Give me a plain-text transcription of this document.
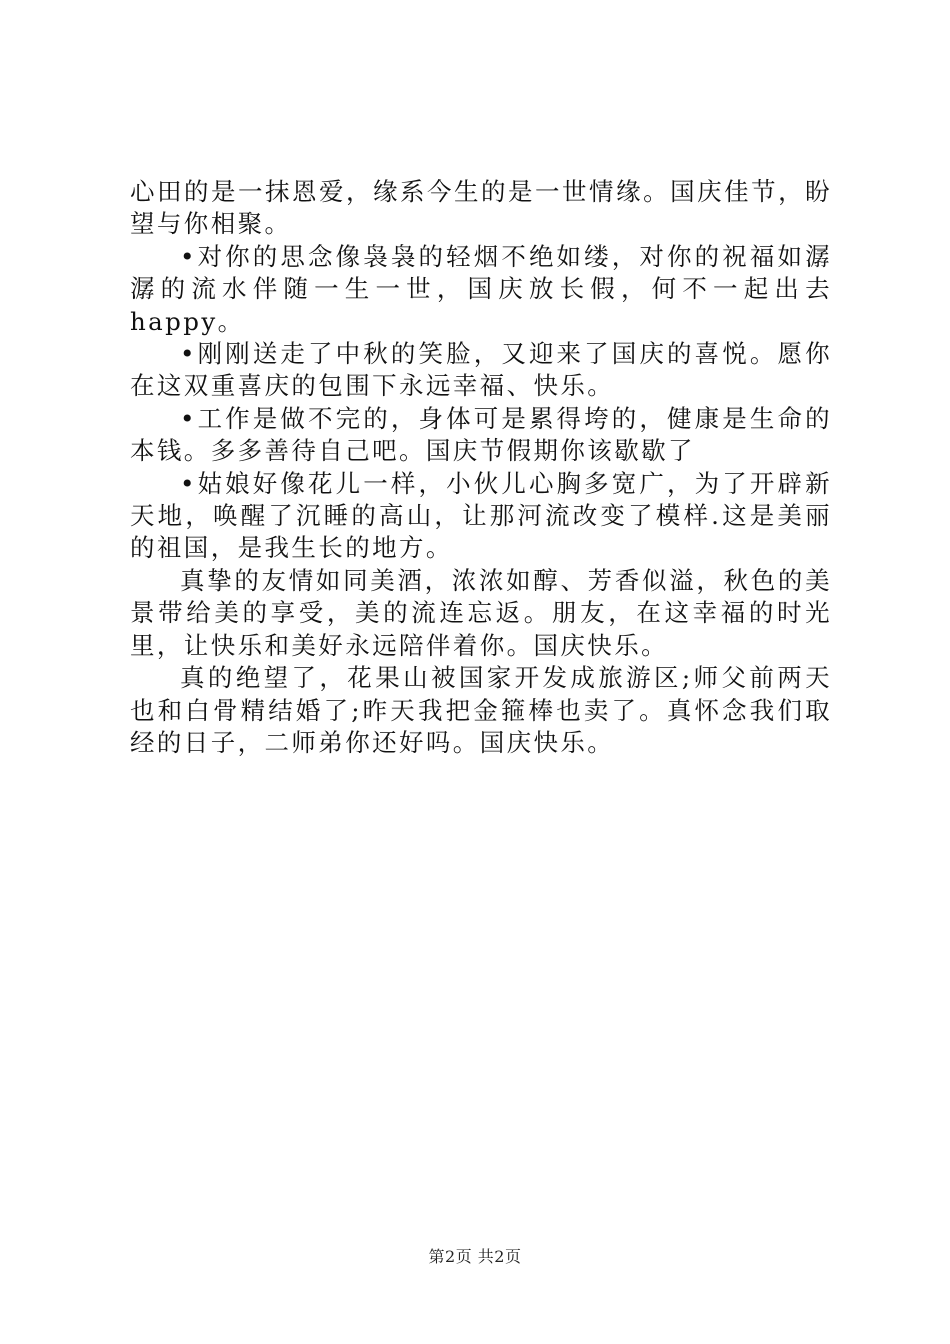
心田的是一抹恩爱，缘系今生的是一世情缘。国庆佳节，盼望与你相聚。

•对你的思念像袅袅的轻烟不绝如缕，对你的祝福如潺潺的流水伴随一生一世，国庆放长假，何不一起出去happy。

•刚刚送走了中秋的笑脸，又迎来了国庆的喜悦。愿你在这双重喜庆的包围下永远幸福、快乐。

•工作是做不完的，身体可是累得垮的，健康是生命的本钱。多多善待自己吧。国庆节假期你该歇歇了

•姑娘好像花儿一样，小伙儿心胸多宽广，为了开辟新天地，唤醒了沉睡的高山，让那河流改变了模样.这是美丽的祖国，是我生长的地方。

真挚的友情如同美酒，浓浓如醇、芳香似溢，秋色的美景带给美的享受，美的流连忘返。朋友，在这幸福的时光里，让快乐和美好永远陪伴着你。国庆快乐。

真的绝望了，花果山被国家开发成旅游区;师父前两天也和白骨精结婚了;昨天我把金箍棒也卖了。真怀念我们取经的日子，二师弟你还好吗。国庆快乐。

第2页 共2页
